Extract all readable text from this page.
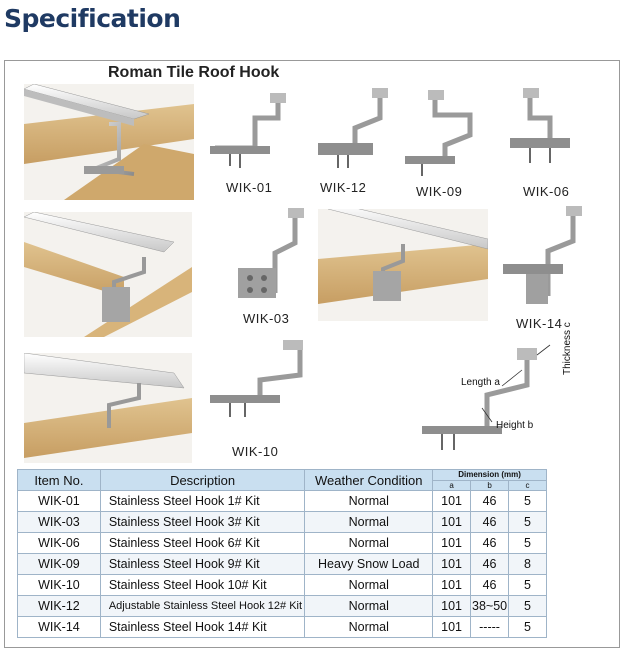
Specification
Roman Tile Roof Hook
WIK-01	WIK-12	WIK-09	WIK-06
WIK-03	WIK-14
WIK-10
Length a
Height b
Thickness c
Item No.	Description	Weather Condition	Dimension (mm)		
			a	b	c
WIK-01	Stainless Steel Hook 1# Kit	Normal	101	46	5
WIK-03	Stainless Steel Hook 3# Kit	Normal	101	46	5
WIK-06	Stainless Steel Hook 6# Kit	Normal	101	46	5
WIK-09	Stainless Steel Hook 9# Kit	Heavy Snow Load	101	46	8
WIK-10	Stainless Steel Hook 10# Kit	Normal	101	46	5
WIK-12	Adjustable Stainless Steel Hook 12# Kit	Normal	101	38~50	5
WIK-14	Stainless Steel Hook 14# Kit	Normal	101	-----	5
